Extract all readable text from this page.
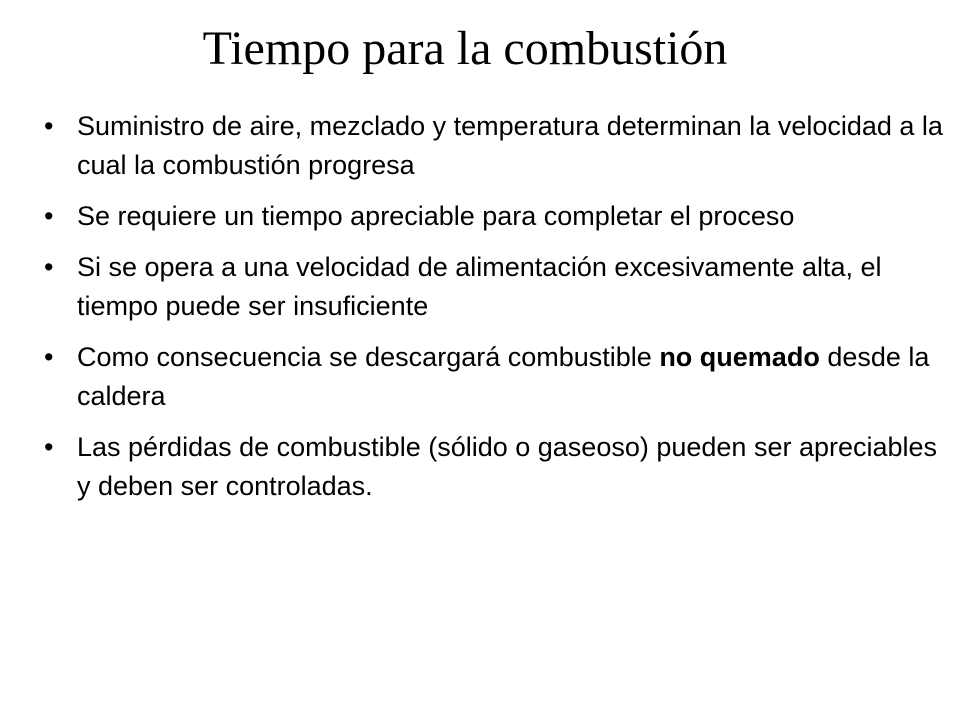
Tiempo para la combustión
• Suministro de aire, mezclado y temperatura determinan la velocidad a la cual la combustión progresa
• Se requiere un tiempo apreciable para completar el proceso
• Si se opera a una velocidad de alimentación excesivamente alta, el tiempo puede ser insuficiente
• Como consecuencia se descargará combustible no quemado desde la caldera
• Las pérdidas de combustible (sólido o gaseoso) pueden ser apreciables y deben ser controladas.
